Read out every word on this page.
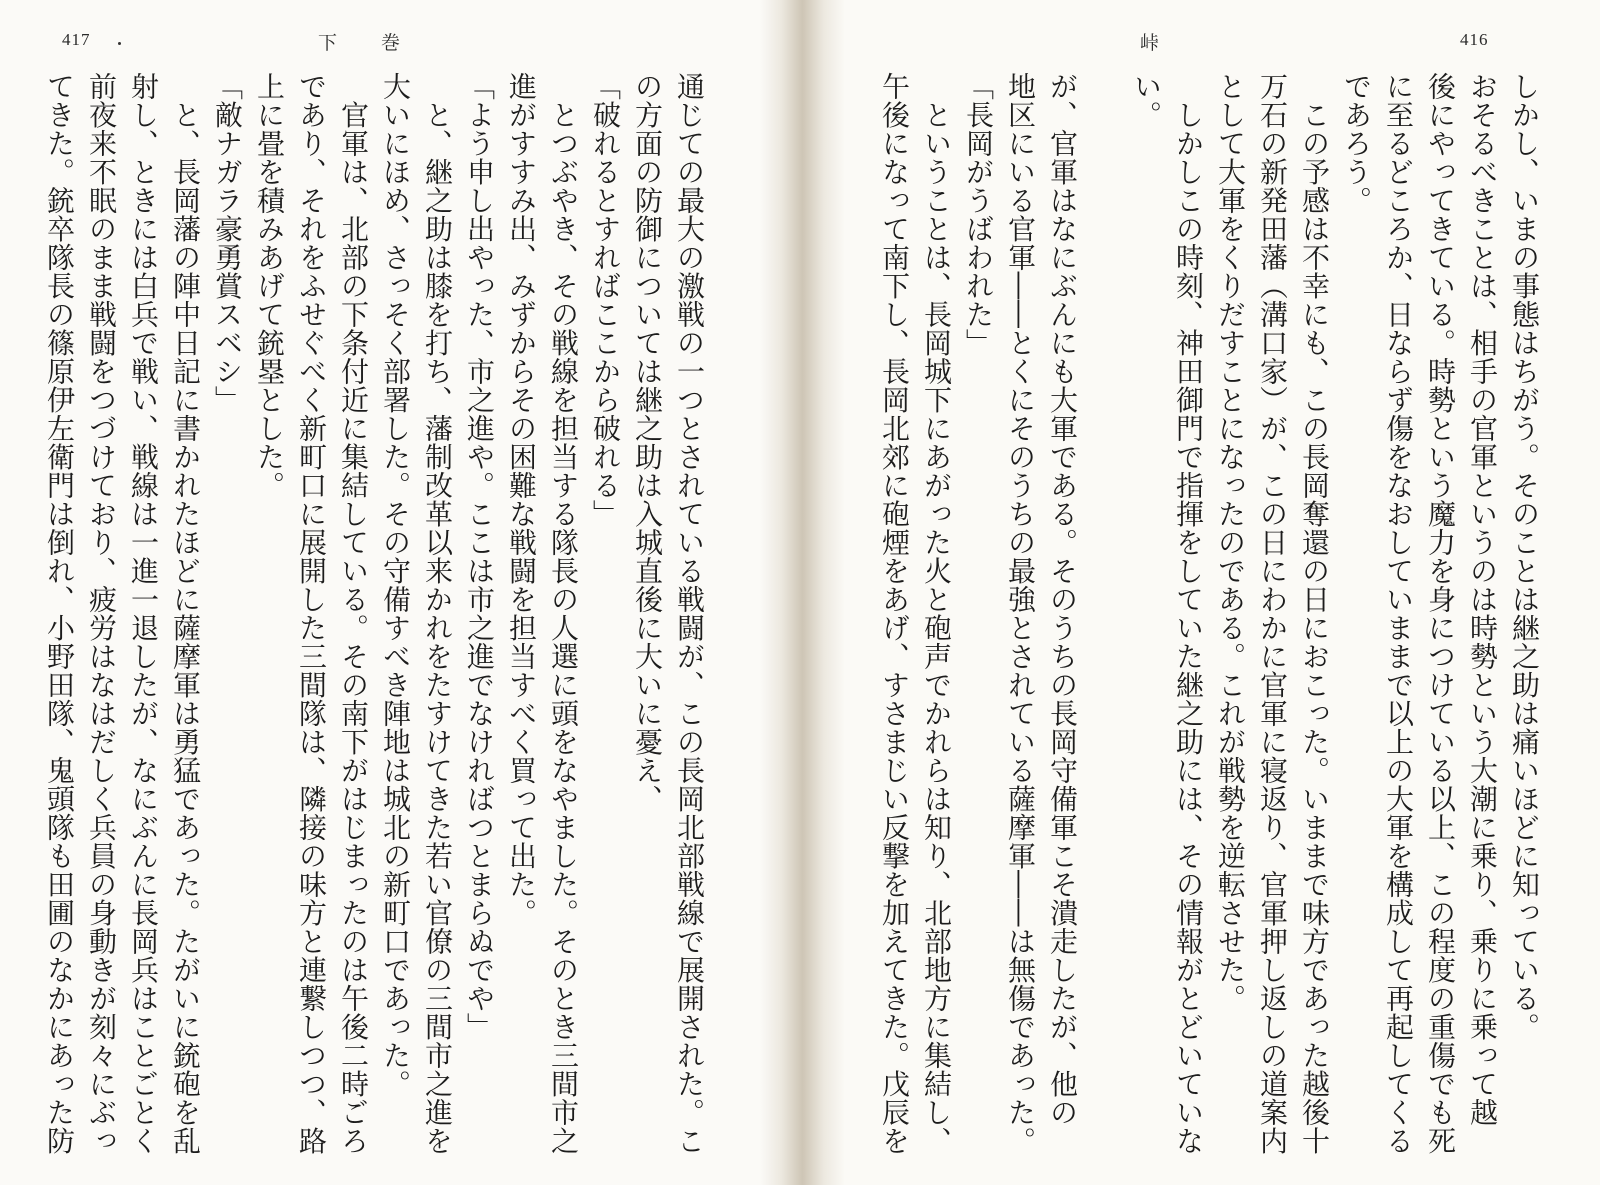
417	下巻

通じての最大の激戦の一つとされている戦闘が、この長岡北部戦線で展開された。こ

の方面の防御については継之助は入城直後に大いに憂え、

「破れるとすればここから破れる」

　とつぶやき、その戦線を担当する隊長の人選に頭をなやました。そのとき三間市之

進がすすみ出、みずからその困難な戦闘を担当すべく買って出た。

「よう申し出やった、市之進や。ここは市之進でなければつとまらぬでや」

　と、継之助は膝を打ち、藩制改革以来かれをたすけてきた若い官僚の三間市之進を

大いにほめ、さっそく部署した。その守備すべき陣地は城北の新町口であった。

　官軍は、北部の下条付近に集結している。その南下がはじまったのは午後二時ごろ

であり、それをふせぐべく新町口に展開した三間隊は、隣接の味方と連繋しつつ、路

上に畳を積みあげて銃塁とした。

「敵ナガラ豪勇賞スベシ」

　と、長岡藩の陣中日記に書かれたほどに薩摩軍は勇猛であった。たがいに銃砲を乱

射し、ときには白兵で戦い、戦線は一進一退したが、なにぶんに長岡兵はことごとく

前夜来不眠のまま戦闘をつづけており、疲労はなはだしく兵員の身動きが刻々にぶっ

てきた。銃卒隊長の篠原伊左衛門は倒れ、小野田隊、鬼頭隊も田圃のなかにあった防

峠	416

しかし、いまの事態はちがう。そのことは継之助は痛いほどに知っている。

おそるべきことは、相手の官軍というのは時勢という大潮に乗り、乗りに乗って越

後にやってきている。時勢という魔力を身につけている以上、この程度の重傷でも死

に至るどころか、日ならず傷をなおしていままで以上の大軍を構成して再起してくる

であろう。

　この予感は不幸にも、この長岡奪還の日におこった。いままで味方であった越後十

万石の新発田藩（溝口家）が、この日にわかに官軍に寝返り、官軍押し返しの道案内

として大軍をくりだすことになったのである。これが戦勢を逆転させた。

　しかしこの時刻、神田御門で指揮をしていた継之助には、その情報がとどいていな

い。

が、官軍はなにぶんにも大軍である。そのうちの長岡守備軍こそ潰走したが、他の

地区にいる官軍――とくにそのうちの最強とされている薩摩軍――は無傷であった。

「長岡がうばわれた」

　ということは、長岡城下にあがった火と砲声でかれらは知り、北部地方に集結し、

午後になって南下し、長岡北郊に砲煙をあげ、すさまじい反撃を加えてきた。戊辰を
